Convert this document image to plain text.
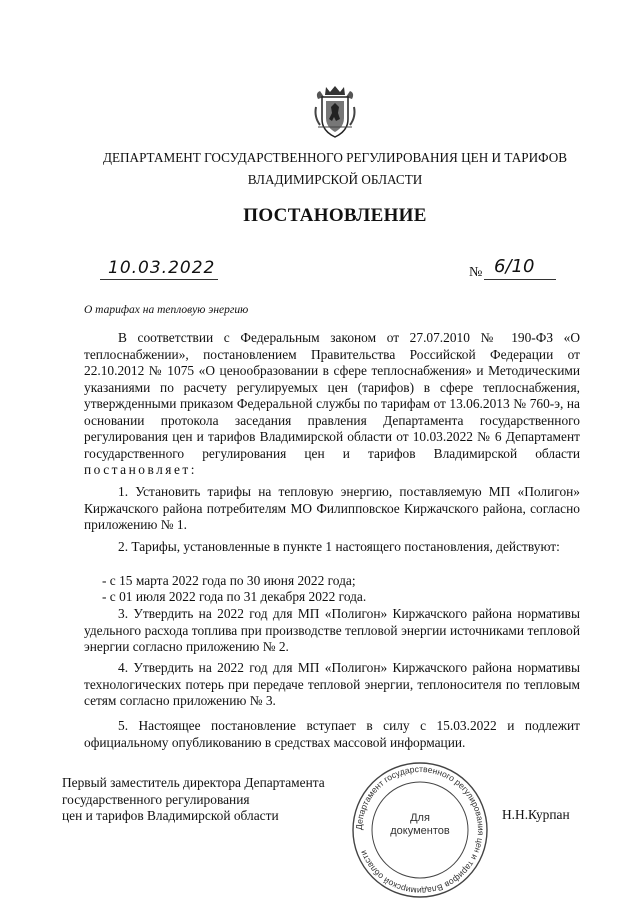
ДЕПАРТАМЕНТ ГОСУДАРСТВЕННОГО РЕГУЛИРОВАНИЯ ЦЕН И ТАРИФОВ
ВЛАДИМИРСКОЙ ОБЛАСТИ
ПОСТАНОВЛЕНИЕ
10.03.2022	№ 6/10
О тарифах на тепловую энергию

В соответствии с Федеральным законом от 27.07.2010 № 190-ФЗ «О теплоснабжении», постановлением Правительства Российской Федерации от 22.10.2012 № 1075 «О ценообразовании в сфере теплоснабжения» и Методическими указаниями по расчету регулируемых цен (тарифов) в сфере теплоснабжения, утвержденными приказом Федеральной службы по тарифам от 13.06.2013 № 760-э, на основании протокола заседания правления Департамента государственного регулирования цен и тарифов Владимирской области от 10.03.2022 № 6 Департамент государственного регулирования цен и тарифов Владимирской области постановляет:

1. Установить тарифы на тепловую энергию, поставляемую МП «Полигон» Киржачского района потребителям МО Филипповское Киржачского района, согласно приложению № 1.

2. Тарифы, установленные в пункте 1 настоящего постановления, действуют:

- с 15 марта 2022 года по 30 июня 2022 года;

- с 01 июля 2022 года по 31 декабря 2022 года.

3. Утвердить на 2022 год для МП «Полигон» Киржачского района нормативы удельного расхода топлива при производстве тепловой энергии источниками тепловой энергии согласно приложению № 2.

4. Утвердить на 2022 год для МП «Полигон» Киржачского района нормативы технологических потерь при передаче тепловой энергии, теплоносителя по тепловым сетям согласно приложению № 3.

5. Настоящее постановление вступает в силу с 15.03.2022 и подлежит официальному опубликованию в средствах массовой информации.

Первый заместитель директора Департамента
государственного регулирования
цен и тарифов Владимирской области
Департамент государственного регулирования цен и тарифов Владимирской области
Для
документов
Н.Н.Курпан
